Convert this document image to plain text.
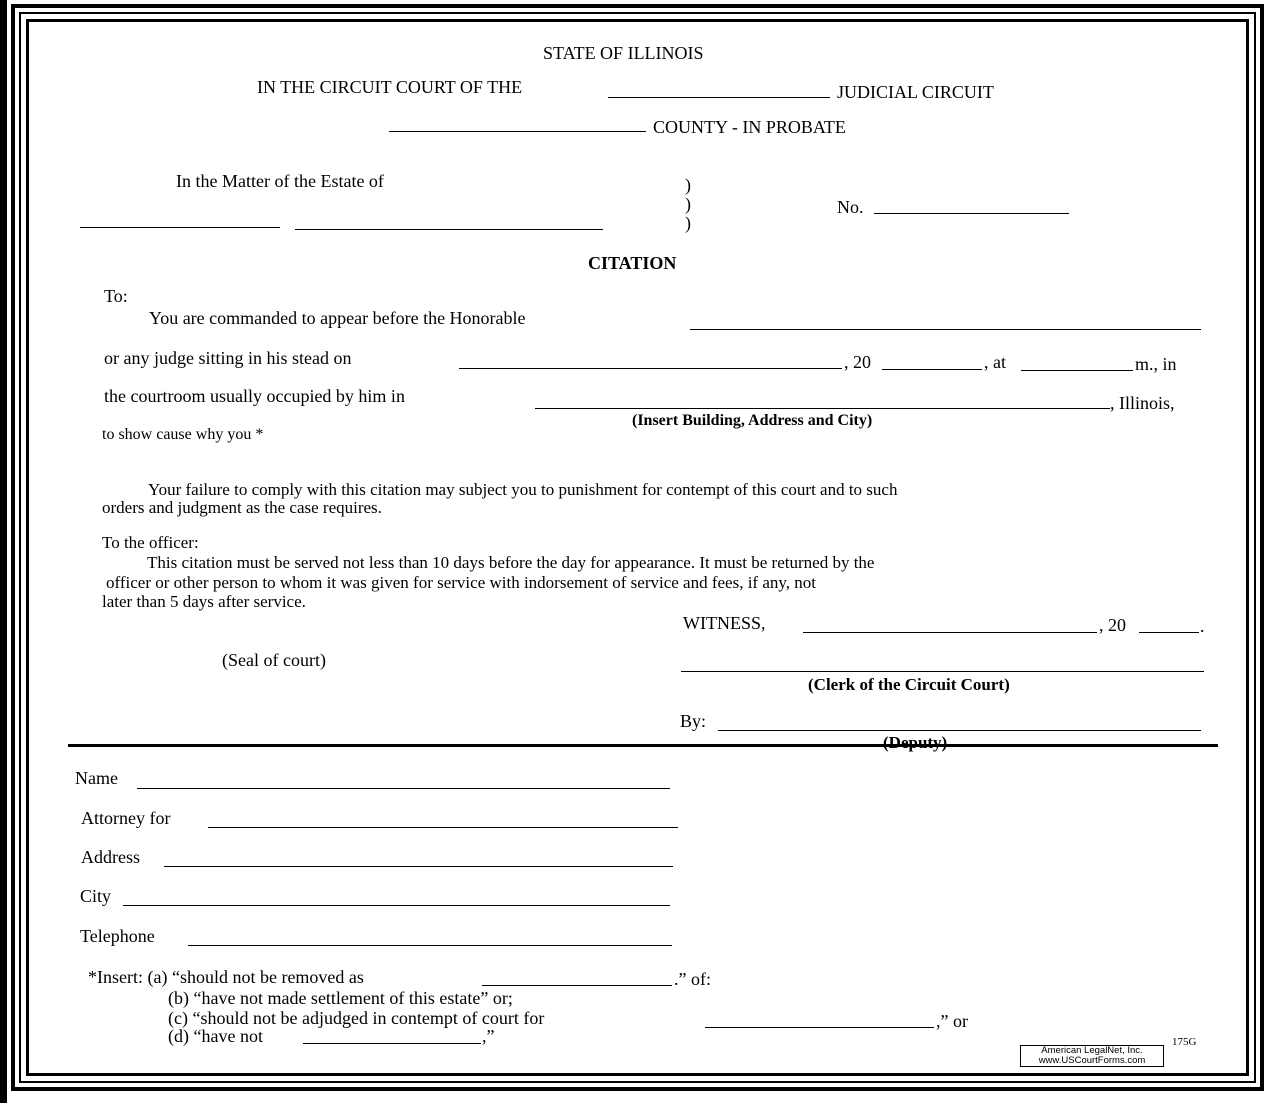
STATE OF ILLINOIS
IN THE CIRCUIT COURT OF THE	JUDICIAL CIRCUIT
COUNTY - IN PROBATE
In the Matter of the Estate of	)
)
)
No.
CITATION
To:
You are commanded to appear before the Honorable
or any judge sitting in his stead on	, 20	, at	m., in
the courtroom usually occupied by him in	, Illinois,
(Insert Building, Address and City)
to show cause why you *
Your failure to comply with this citation may subject you to punishment for contempt of this court and to such
orders and judgment as the case requires.
To the officer:
This citation must be served not less than 10 days before the day for appearance. It must be returned by the
officer or other person to whom it was given for service with indorsement of service and fees, if any, not
later than 5 days after service.
WITNESS,	, 20	.
(Seal of court)
(Clerk of the Circuit Court)
By:
(Deputy)
Name
Attorney for
Address
City
Telephone
*Insert: (a) “should not be removed as	.” of:
(b) “have not made settlement of this estate” or;
(c) “should not be adjudged in contempt of court for	,” or
(d) “have not	,”
American LegalNet, Inc.
www.USCourtForms.com
175G
